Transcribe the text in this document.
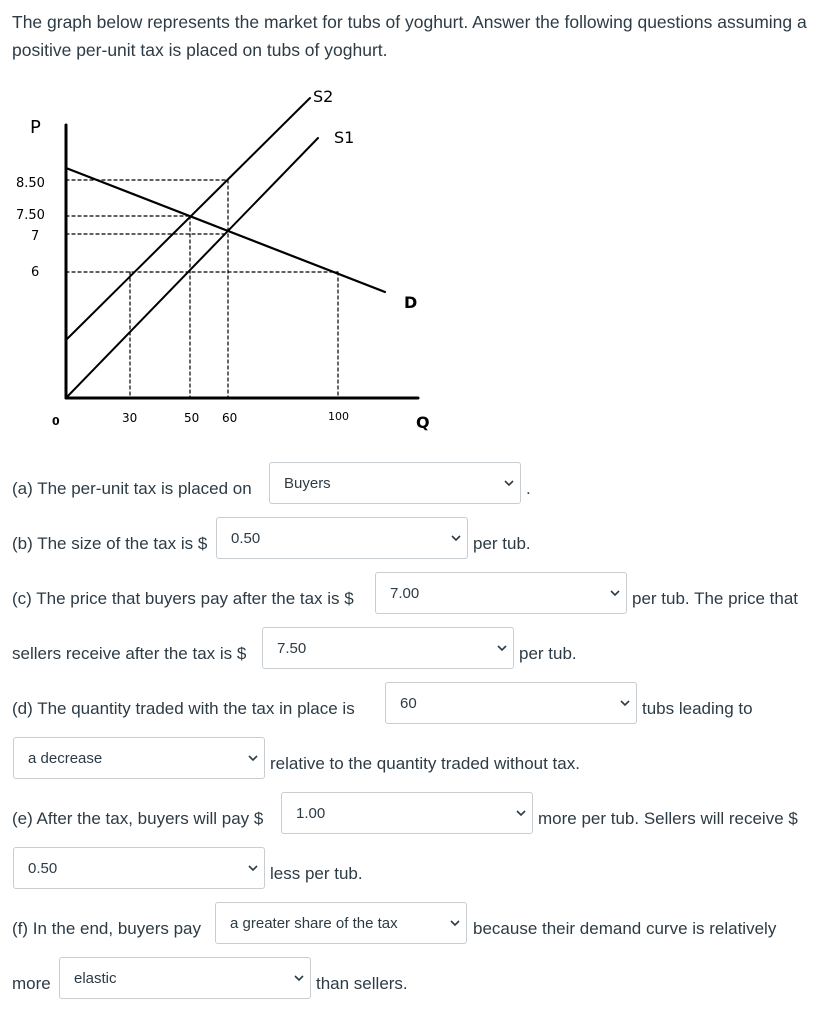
The graph below represents the market for tubs of yoghurt. Answer the following questions assuming a positive per-unit tax is placed on tubs of yoghurt.

P
Q
8.50
7.50
7
6
0	30	50 60	100
S2
S1
D
(a) The per-unit tax is placed on	Buyers	.
(b) The size of the tax is $	0.50	per tub.
(c) The price that buyers pay after the tax is $	7.00	per tub. The price that
sellers receive after the tax is $	7.50	per tub.
(d) The quantity traded with the tax in place is	60	tubs leading to
a decrease	relative to the quantity traded without tax.
(e) After the tax, buyers will pay $	1.00	more per tub. Sellers will receive $
0.50	less per tub.
(f) In the end, buyers pay	a greater share of the tax	because their demand curve is relatively
more	elastic	than sellers.
